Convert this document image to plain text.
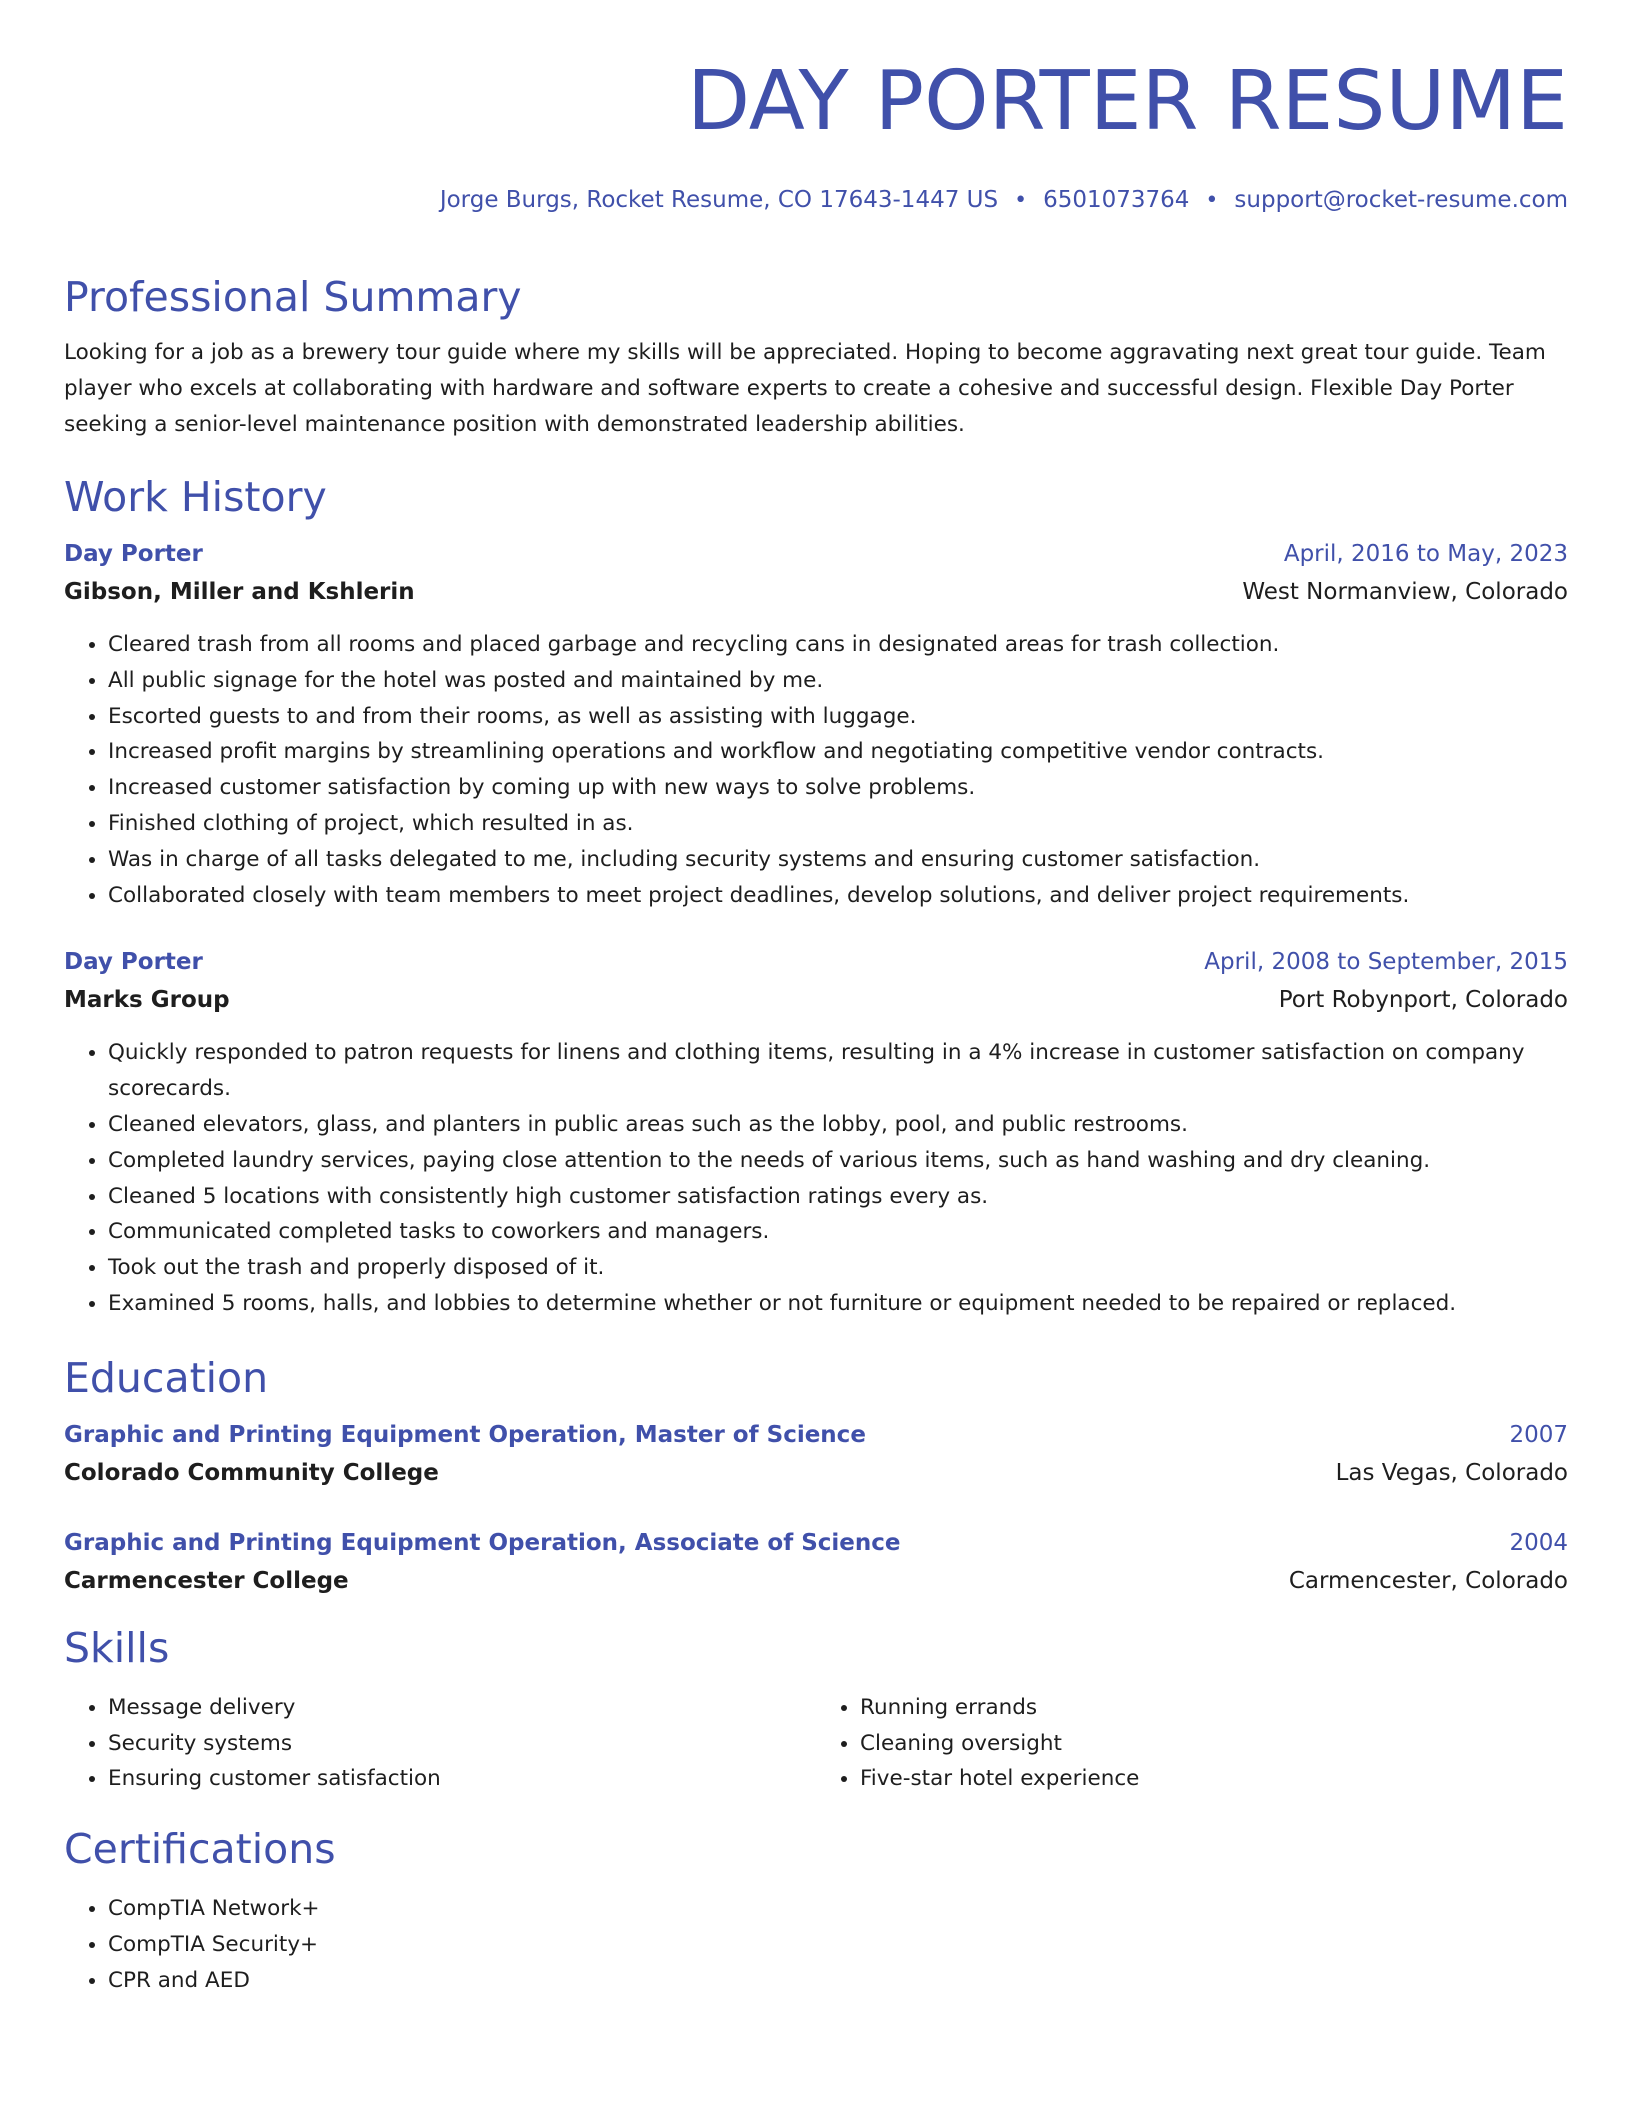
DAY PORTER RESUME
Jorge Burgs, Rocket Resume, CO 17643-1447 US • 6501073764 • support@rocket-resume.com
Professional Summary

Looking for a job as a brewery tour guide where my skills will be appreciated. Hoping to become aggravating next great tour guide. Team player who excels at collaborating with hardware and software experts to create a cohesive and successful design. Flexible Day Porter seeking a senior-level maintenance position with demonstrated leadership abilities.

Work History
Day Porter	April, 2016 to May, 2023
Gibson, Miller and Kshlerin	West Normanview, Colorado
• Cleared trash from all rooms and placed garbage and recycling cans in designated areas for trash collection.
• All public signage for the hotel was posted and maintained by me.
• Escorted guests to and from their rooms, as well as assisting with luggage.
• Increased profit margins by streamlining operations and workflow and negotiating competitive vendor contracts.
• Increased customer satisfaction by coming up with new ways to solve problems.
• Finished clothing of project, which resulted in as.
• Was in charge of all tasks delegated to me, including security systems and ensuring customer satisfaction.
• Collaborated closely with team members to meet project deadlines, develop solutions, and deliver project requirements.
Day Porter	April, 2008 to September, 2015
Marks Group	Port Robynport, Colorado
• Quickly responded to patron requests for linens and clothing items, resulting in a 4% increase in customer satisfaction on company scorecards.
• Cleaned elevators, glass, and planters in public areas such as the lobby, pool, and public restrooms.
• Completed laundry services, paying close attention to the needs of various items, such as hand washing and dry cleaning.
• Cleaned 5 locations with consistently high customer satisfaction ratings every as.
• Communicated completed tasks to coworkers and managers.
• Took out the trash and properly disposed of it.
• Examined 5 rooms, halls, and lobbies to determine whether or not furniture or equipment needed to be repaired or replaced.
Education
Graphic and Printing Equipment Operation, Master of Science	2007
Colorado Community College	Las Vegas, Colorado
Graphic and Printing Equipment Operation, Associate of Science	2004
Carmencester College	Carmencester, Colorado
Skills
• Message delivery
• Security systems
• Ensuring customer satisfaction
• Running errands
• Cleaning oversight
• Five-star hotel experience
Certifications
• CompTIA Network+
• CompTIA Security+
• CPR and AED
